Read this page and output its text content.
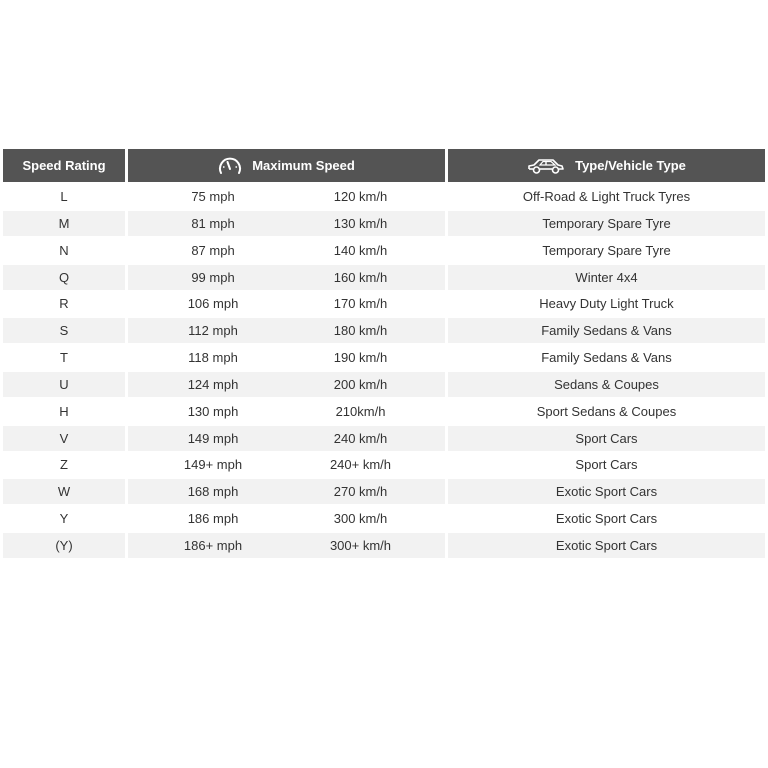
Speed Rating	Maximum Speed	Type/Vehicle Type
L	75 mph	120 km/h	Off-Road & Light Truck Tyres
M	81 mph	130 km/h	Temporary Spare Tyre
N	87 mph	140 km/h	Temporary Spare Tyre
Q	99 mph	160 km/h	Winter 4x4
R	106 mph	170 km/h	Heavy Duty Light Truck
S	112 mph	180 km/h	Family Sedans & Vans
T	118 mph	190 km/h	Family Sedans & Vans
U	124 mph	200 km/h	Sedans & Coupes
H	130 mph	210km/h	Sport Sedans & Coupes
V	149 mph	240 km/h	Sport Cars
Z	149+ mph	240+ km/h	Sport Cars
W	168 mph	270 km/h	Exotic Sport Cars
Y	186 mph	300 km/h	Exotic Sport Cars
(Y)	186+ mph	300+ km/h	Exotic Sport Cars
